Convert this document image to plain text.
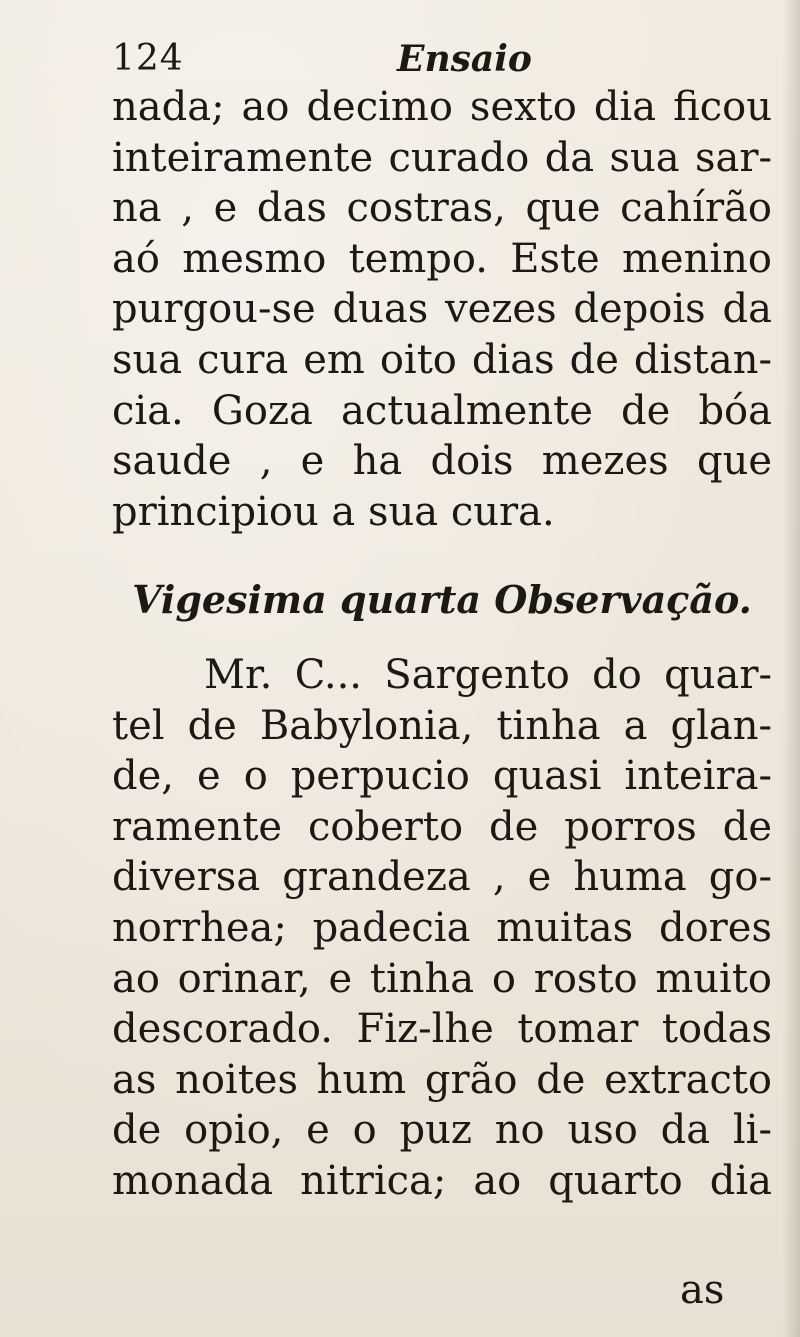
124	Ensaio
nada; ao decimo sexto dia ficou
inteiramente curado da sua sar-
na , e das costras, que cahírão
aó mesmo tempo. Este menino
purgou-se duas vezes depois da
sua cura em oito dias de distan-
cia. Goza actualmente de bóa
saude , e ha dois mezes que
principiou a sua cura.
Vigesima quarta Observação.
Mr. C... Sargento do quar-
tel de Babylonia, tinha a glan-
de, e o perpucio quasi inteira-
ramente coberto de porros de
diversa grandeza , e huma go-
norrhea; padecia muitas dores
ao orinar, e tinha o rosto muito
descorado. Fiz-lhe tomar todas
as noites hum grão de extracto
de opio, e o puz no uso da li-
monada nitrica; ao quarto dia
as
